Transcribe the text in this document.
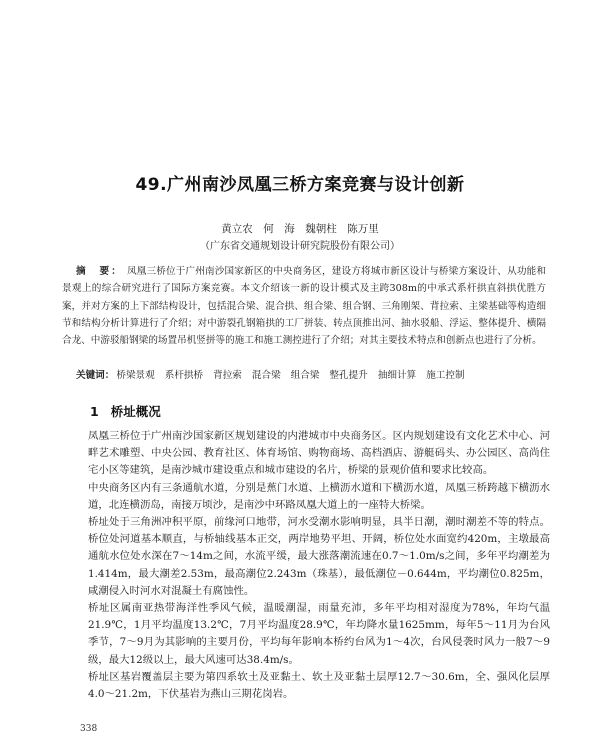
49.广州南沙凤凰三桥方案竞赛与设计创新
黄立农　何　海　魏朝柱　陈万里
（广东省交通规划设计研究院股份有限公司）
摘　要： 凤凰三桥位于广州南沙国家新区的中央商务区，建设方将城市新区设计与桥梁方案设计、从功能和景观上的综合研究进行了国际方案竞赛。本文介绍该一新的设计模式及主跨308m的中承式系杆拱直斜拱优胜方案，并对方案的上下部结构设计，包括混合梁、混合拱、组合梁、组合钢、三角刚架、背拉索、主梁基础等构造细节和结构分析计算进行了介绍；对中游裂孔钢箱拱的工厂拼装、转点顶推出河、抽水驳船、浮运、整体提升、横隔合龙、中游驳船钢梁的场置吊机竖拼等的施工和施工测控进行了介绍；对其主要技术特点和创新点也进行了分析。
关键词： 桥梁景观 系杆拱桥 背拉索 混合梁 组合梁 整孔提升 抽细计算 施工控制
1 桥址概况

凤凰三桥位于广州南沙国家新区规划建设的内港城市中央商务区。区内规划建设有文化艺术中心、河畔艺术雕塑、中央公园、教育社区、体育场馆、购物商场、高档酒店、游艇码头、办公园区、高尚住宅小区等建筑，是南沙城市建设重点和城市建设的名片，桥梁的景观价值和要求比较高。

中央商务区内有三条通航水道，分别是蕉门水道、上横沥水道和下横沥水道，凤凰三桥跨越下横沥水道，北连横沥岛，南接万顷沙，是南沙中环路凤凰大道上的一座特大桥梁。

桥址处于三角洲冲积平原，前缘河口地带，河水受潮水影响明显，具半日潮，潮时潮差不等的特点。桥位处河道基本顺直，与桥轴线基本正交，两岸地势平坦、开阔，桥位处水面宽约420m，主墩最高通航水位处水深在7～14m之间，水流平缓，最大涨落潮流速在0.7～1.0m/s之间，多年平均潮差为1.414m，最大潮差2.53m，最高潮位2.243m（珠基），最低潮位－0.644m，平均潮位0.825m，咸潮侵入时河水对混凝土有腐蚀性。

桥址区属南亚热带海洋性季风气候，温暖潮湿，雨量充沛，多年平均相对湿度为78%，年均气温21.9℃，1月平均温度13.2℃，7月平均温度28.9℃，年均降水量1625mm，每年5～11月为台风季节，7～9月为其影响的主要月份，平均每年影响本桥约台风为1～4次，台风侵袭时风力一般7～9级，最大12级以上，最大风速可达38.4m/s。

桥址区基岩覆盖层主要为第四系软土及亚黏土、软土及亚黏土层厚12.7～30.6m，全、强风化层厚4.0～21.2m，下伏基岩为燕山三期花岗岩。

338
